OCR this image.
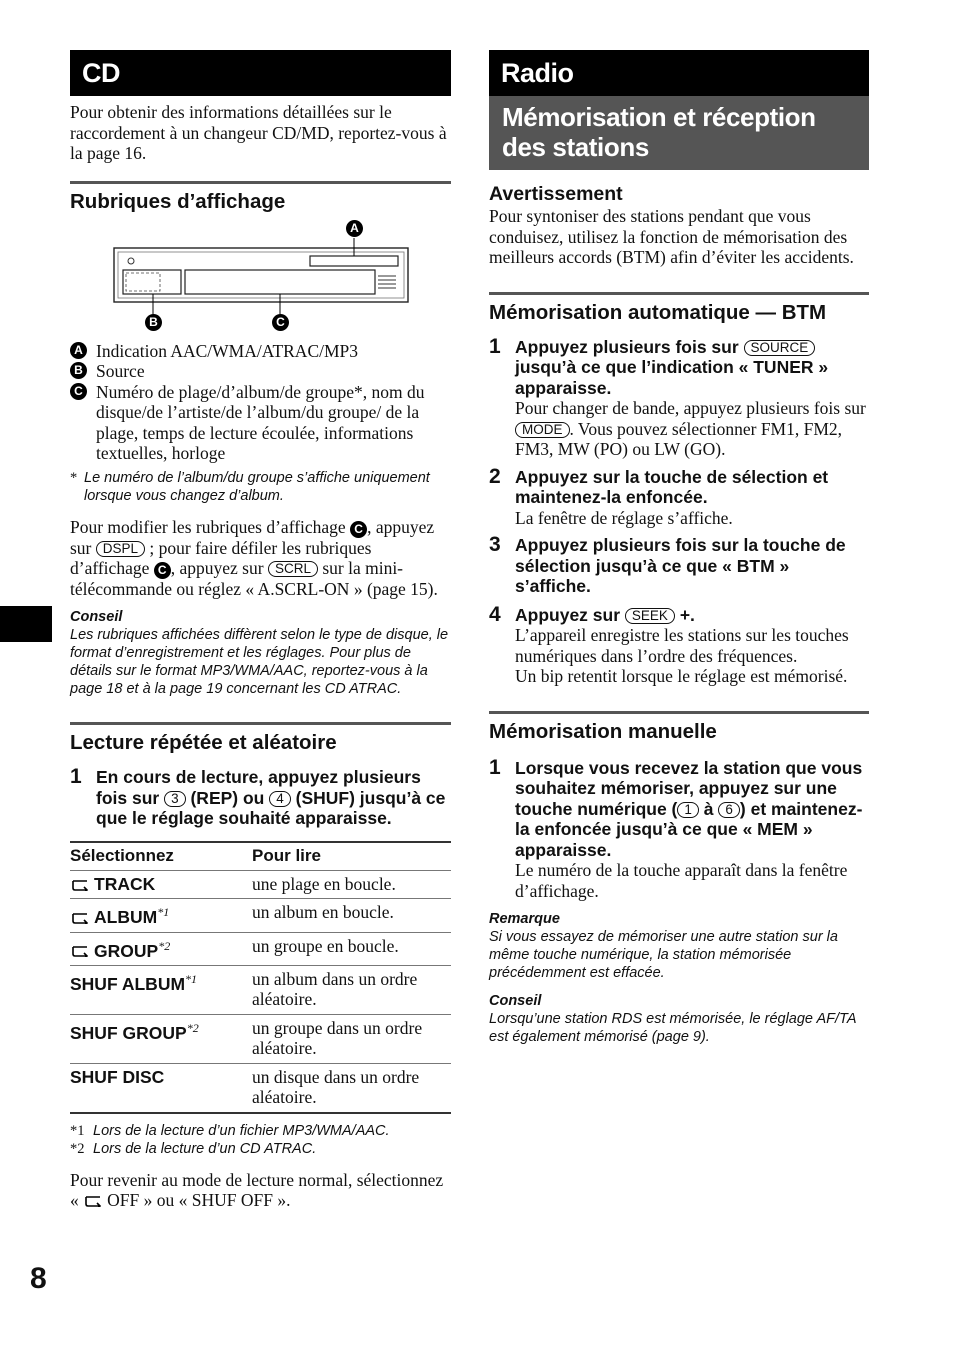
8
CD

Pour obtenir des informations détaillées sur le raccordement à un changeur CD/MD, reportez-vous à la page 16.

Rubriques d’affichage
A
B	C
A Indication AAC/WMA/ATRAC/MP3
B Source
C Numéro de plage/d’album/de groupe*, nom du disque/de l’artiste/de l’album/du groupe/ de la plage, temps de lecture écoulée, informations textuelles, horloge
* Le numéro de l’album/du groupe s’affiche uniquement lorsque vous changez d’album.

Pour modifier les rubriques d’affichage C , appuyez sur DSPL ; pour faire défiler les rubriques d’affichage C , appuyez sur SCRL sur la mini-télécommande ou réglez « A.SCRL-ON » (page 15).

Conseil
Les rubriques affichées diffèrent selon le type de disque, le format d’enregistrement et les réglages. Pour plus de détails sur le format MP3/WMA/AAC, reportez-vous à la page 18 et à la page 19 concernant les CD ATRAC.
Lecture répétée et aléatoire
1 En cours de lecture, appuyez plusieurs fois sur 3 (REP) ou 4 (SHUF) jusqu’à ce que le réglage souhaité apparaisse.
Sélectionnez	Pour lire
TRACK	une plage en boucle.
ALBUM$^{*1}$	un album en boucle.
GROUP$^{*2}$	un groupe en boucle.
SHUF ALBUM$^{*1}$	un album dans un ordre aléatoire.
SHUF GROUP$^{*2}$	un groupe dans un ordre aléatoire.
SHUF DISC	un disque dans un ordre aléatoire.
*1 Lors de la lecture d’un fichier MP3/WMA/AAC.
*2 Lors de la lecture d’un CD ATRAC.

Pour revenir au mode de lecture normal, sélectionnez « OFF » ou « SHUF OFF ».

Radio
Mémorisation et réception des stations
Avertissement

Pour syntoniser des stations pendant que vous conduisez, utilisez la fonction de mémorisation des meilleurs accords (BTM) afin d’éviter les accidents.

Mémorisation automatique — BTM
1 Appuyez plusieurs fois sur SOURCE jusqu’à ce que l’indication « TUNER » apparaisse.
Pour changer de bande, appuyez plusieurs fois sur MODE . Vous pouvez sélectionner FM1, FM2, FM3, MW (PO) ou LW (GO).
2 Appuyez sur la touche de sélection et maintenez-la enfoncée.
La fenêtre de réglage s’affiche.
3 Appuyez plusieurs fois sur la touche de sélection jusqu’à ce que « BTM » s’affiche.
4 Appuyez sur SEEK +.
L’appareil enregistre les stations sur les touches numériques dans l’ordre des fréquences.
Un bip retentit lorsque le réglage est mémorisé.
Mémorisation manuelle
1 Lorsque vous recevez la station que vous souhaitez mémoriser, appuyez sur une touche numérique ( 1 à 6 ) et maintenez-la enfoncée jusqu’à ce que « MEM » apparaisse.
Le numéro de la touche apparaît dans la fenêtre d’affichage.
Remarque
Si vous essayez de mémoriser une autre station sur la même touche numérique, la station mémorisée précédemment est effacée.
Conseil
Lorsqu’une station RDS est mémorisée, le réglage AF/TA est également mémorisé (page 9).
